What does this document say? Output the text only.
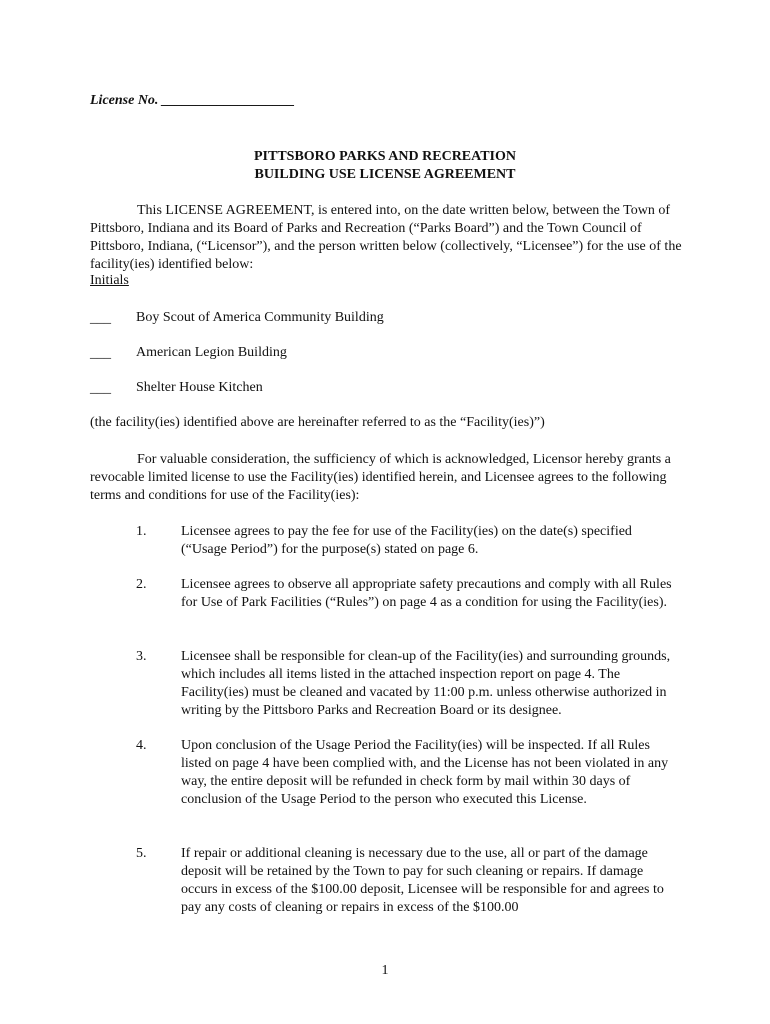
License No. ___________________
PITTSBORO PARKS AND RECREATION
BUILDING USE LICENSE AGREEMENT
This LICENSE AGREEMENT, is entered into, on the date written below, between the Town of Pittsboro, Indiana and its Board of Parks and Recreation (“Parks Board”) and the Town Council of Pittsboro, Indiana, (“Licensor”), and the person written below (collectively, “Licensee”) for the use of the facility(ies) identified below:
Initials
___ Boy Scout of America Community Building
___ American Legion Building
___ Shelter House Kitchen
(the facility(ies) identified above are hereinafter referred to as the “Facility(ies)”)
For valuable consideration, the sufficiency of which is acknowledged, Licensor hereby grants a revocable limited license to use the Facility(ies) identified herein, and Licensee agrees to the following terms and conditions for use of the Facility(ies):
1. Licensee agrees to pay the fee for use of the Facility(ies) on the date(s) specified (“Usage Period”) for the purpose(s) stated on page 6.
2. Licensee agrees to observe all appropriate safety precautions and comply with all Rules for Use of Park Facilities (“Rules”) on page 4 as a condition for using the Facility(ies).
3. Licensee shall be responsible for clean-up of the Facility(ies) and surrounding grounds, which includes all items listed in the attached inspection report on page 4. The Facility(ies) must be cleaned and vacated by 11:00 p.m. unless otherwise authorized in writing by the Pittsboro Parks and Recreation Board or its designee.
4. Upon conclusion of the Usage Period the Facility(ies) will be inspected. If all Rules listed on page 4 have been complied with, and the License has not been violated in any way, the entire deposit will be refunded in check form by mail within 30 days of conclusion of the Usage Period to the person who executed this License.
5. If repair or additional cleaning is necessary due to the use, all or part of the damage deposit will be retained by the Town to pay for such cleaning or repairs. If damage occurs in excess of the $100.00 deposit, Licensee will be responsible for and agrees to pay any costs of cleaning or repairs in excess of the $100.00
1
